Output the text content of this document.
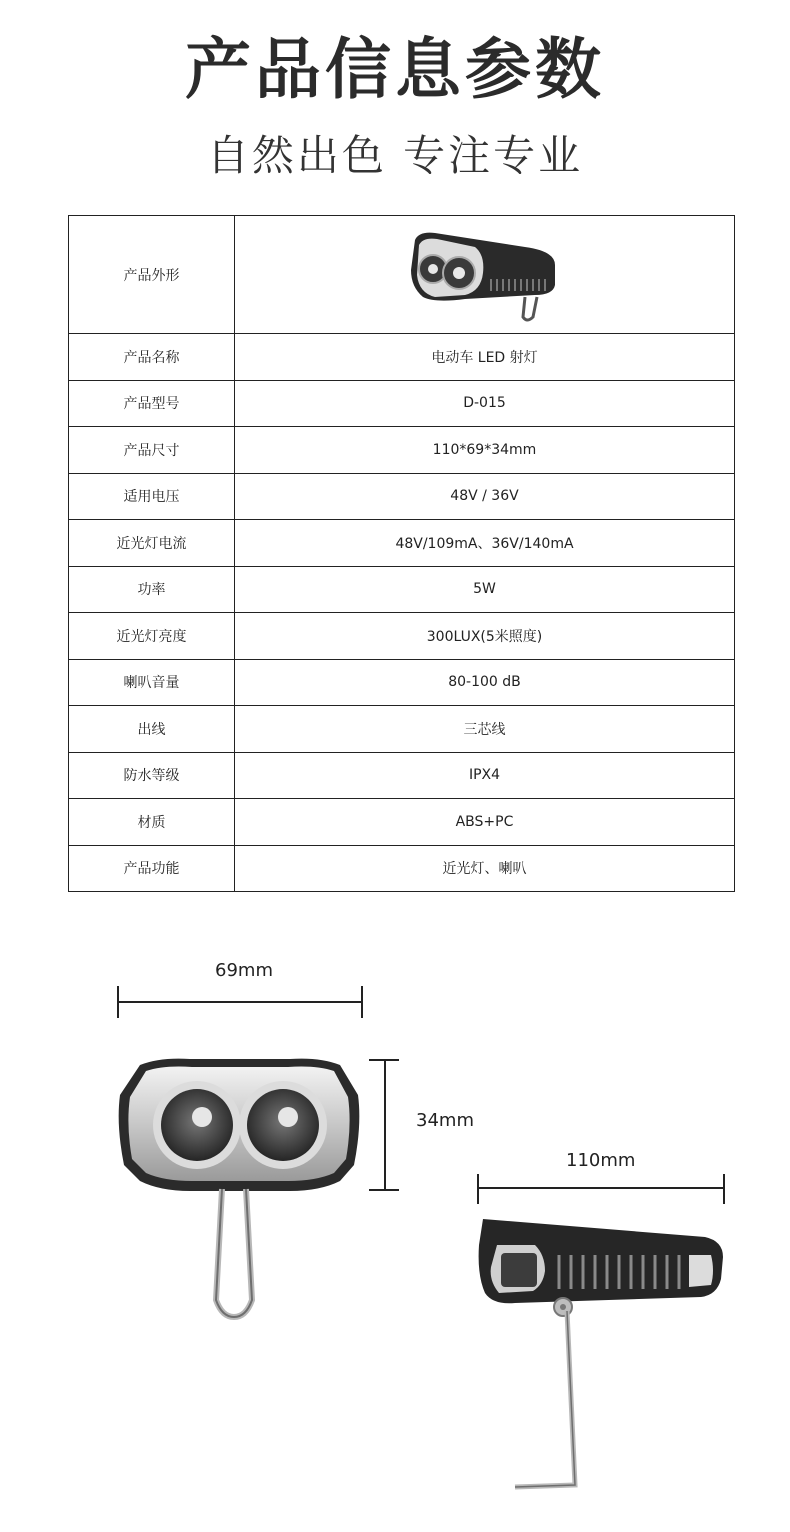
产品信息参数
自然出色 专注专业
产品外形	

产品名称	电动车 LED 射灯
产品型号	D-015
产品尺寸	110*69*34mm
适用电压	48V / 36V
近光灯电流	48V/109mA、36V/140mA
功率	5W
近光灯亮度	300LUX(5米照度)
喇叭音量	80-100 dB
出线	三芯线
防水等级	IPX4
材质	ABS+PC
产品功能	近光灯、喇叭
69mm
34mm
110mm
